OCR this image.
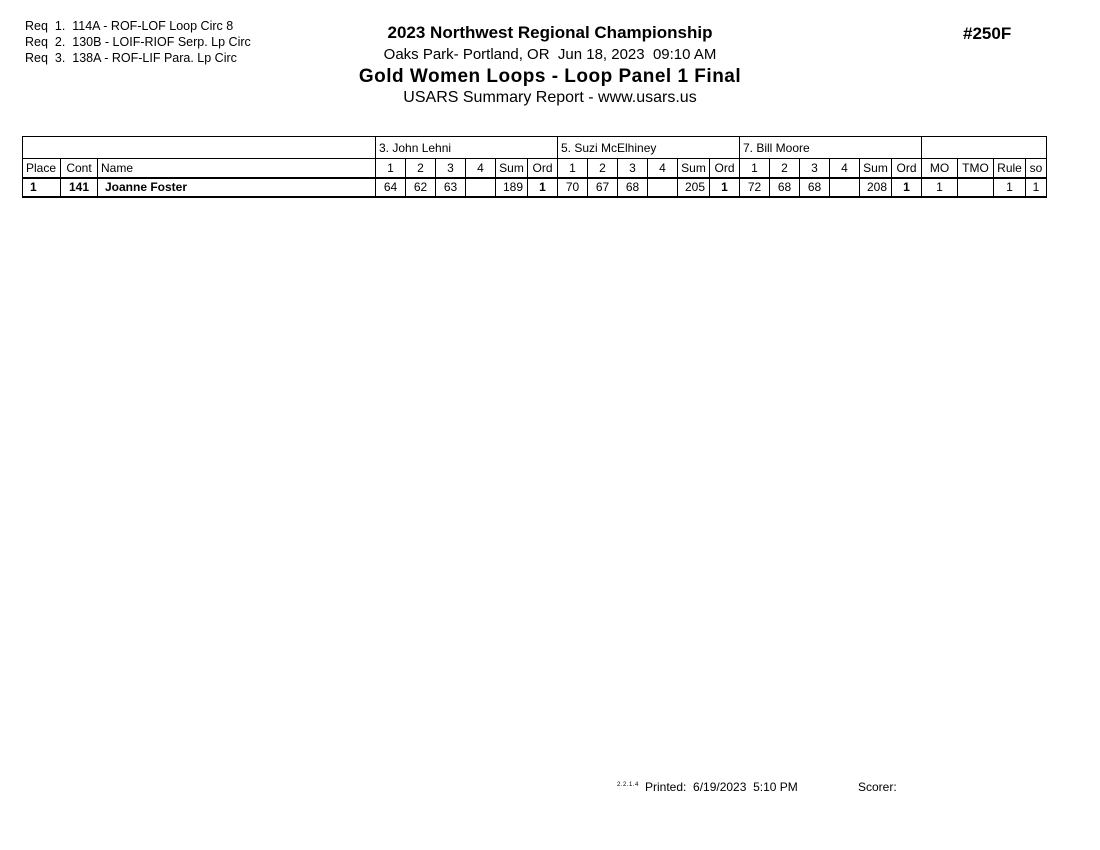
Req  1.  114A - ROF-LOF Loop Circ 8
Req  2.  130B - LOIF-RIOF Serp. Lp Circ
Req  3.  138A - ROF-LIF Para. Lp Circ
2023 Northwest Regional Championship
Oaks Park- Portland, OR  Jun 18, 2023  09:10 AM
Gold Women Loops - Loop Panel 1 Final
USARS Summary Report - www.usars.us
#250F
			3. John Lehni						5. Suzi McElhiney						7. Bill Moore									
Place	Cont	Name	1	2	3	4	Sum	Ord	1	2	3	4	Sum	Ord	1	2	3	4	Sum	Ord	MO	TMO	Rule	so
1	141	Joanne Foster	64	62	63		189	1	70	67	68		205	1	72	68	68		208	1	1		1	1
2.2.1.4 Printed:  6/19/2023  5:10 PM	Scorer:
